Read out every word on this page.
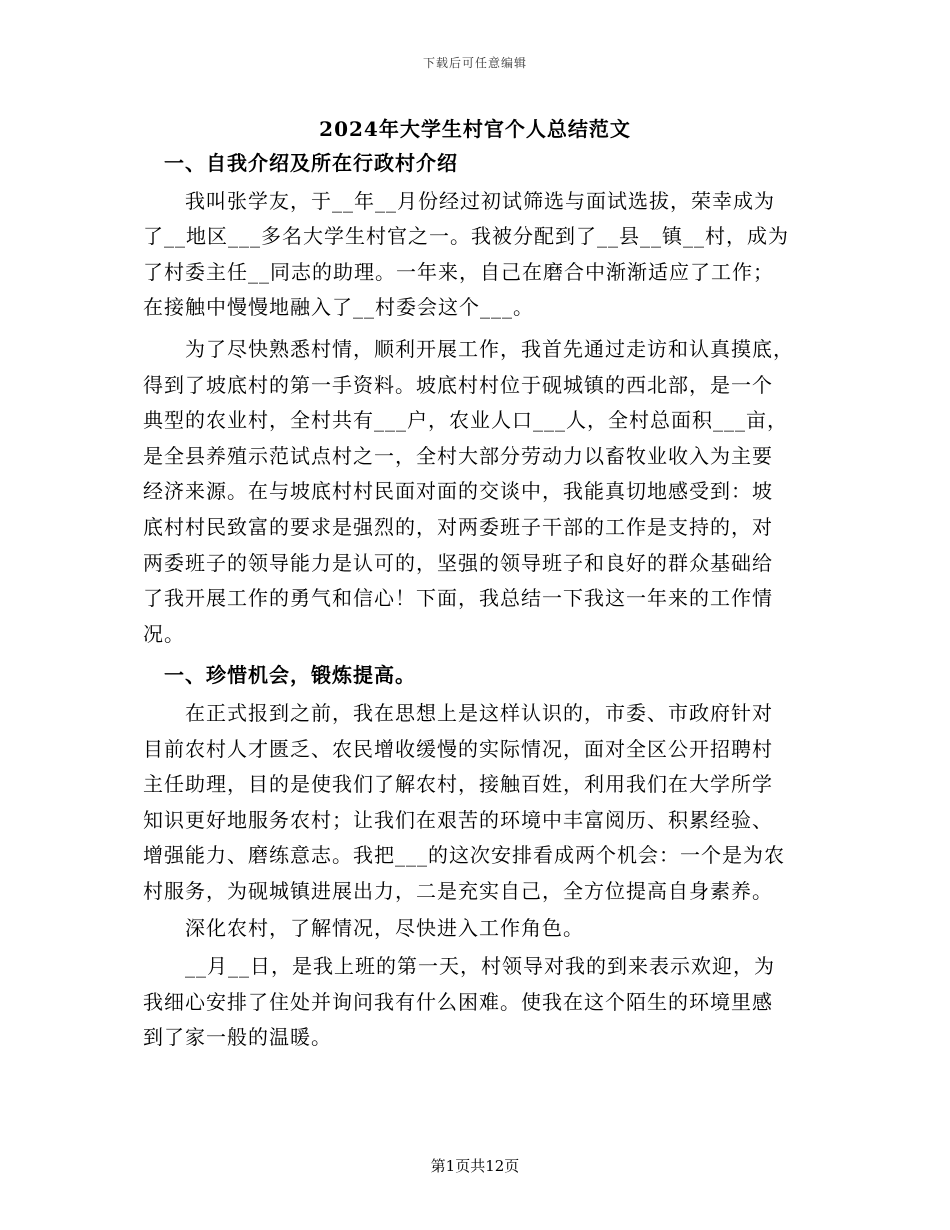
下载后可任意编辑
2024年大学生村官个人总结范文
　一、自我介绍及所在行政村介绍
　　我叫张学友，于__年__月份经过初试筛选与面试选拔，荣幸成为
了__地区___多名大学生村官之一。我被分配到了__县__镇__村，成为
了村委主任__同志的助理。一年来，自己在磨合中渐渐适应了工作；
在接触中慢慢地融入了__村委会这个___。
　　为了尽快熟悉村情，顺利开展工作，我首先通过走访和认真摸底，
得到了坡底村的第一手资料。坡底村村位于砚城镇的西北部，是一个
典型的农业村，全村共有___户，农业人口___人，全村总面积___亩，
是全县养殖示范试点村之一，全村大部分劳动力以畜牧业收入为主要
经济来源。在与坡底村村民面对面的交谈中，我能真切地感受到：坡
底村村民致富的要求是强烈的，对两委班子干部的工作是支持的，对
两委班子的领导能力是认可的，坚强的领导班子和良好的群众基础给
了我开展工作的勇气和信心！下面，我总结一下我这一年来的工作情
况。
　一、珍惜机会，锻炼提高。
　　在正式报到之前，我在思想上是这样认识的，市委、市政府针对
目前农村人才匮乏、农民增收缓慢的实际情况，面对全区公开招聘村
主任助理，目的是使我们了解农村，接触百姓，利用我们在大学所学
知识更好地服务农村；让我们在艰苦的环境中丰富阅历、积累经验、
增强能力、磨练意志。我把___的这次安排看成两个机会：一个是为农
村服务，为砚城镇进展出力，二是充实自己，全方位提高自身素养。
　　深化农村，了解情况，尽快进入工作角色。
　　__月__日，是我上班的第一天，村领导对我的到来表示欢迎，为
我细心安排了住处并询问我有什么困难。使我在这个陌生的环境里感
到了家一般的温暖。
第1页共12页
